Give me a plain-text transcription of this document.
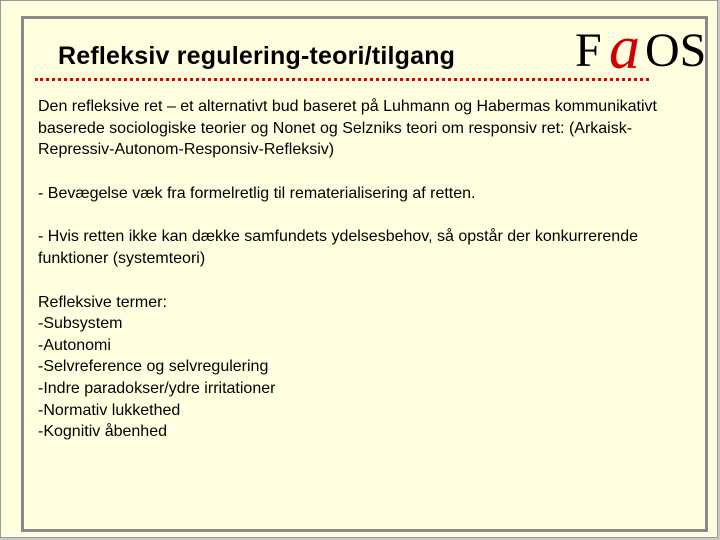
Refleksiv regulering-teori/tilgang F a OS

Den refleksive ret – et alternativt bud baseret på Luhmann og Habermas kommunikativt baserede sociologiske teorier og Nonet og Selzniks teori om responsiv ret: (Arkaisk-Repressiv-Autonom-Responsiv-Refleksiv)

- Bevægelse væk fra formelretlig til rematerialisering af retten.

- Hvis retten ikke kan dække samfundets ydelsesbehov, så opstår der konkurrerende funktioner (systemteori)

Refleksive termer:

-Subsystem

-Autonomi

-Selvreference og selvregulering

-Indre paradokser/ydre irritationer

-Normativ lukkethed

-Kognitiv åbenhed
